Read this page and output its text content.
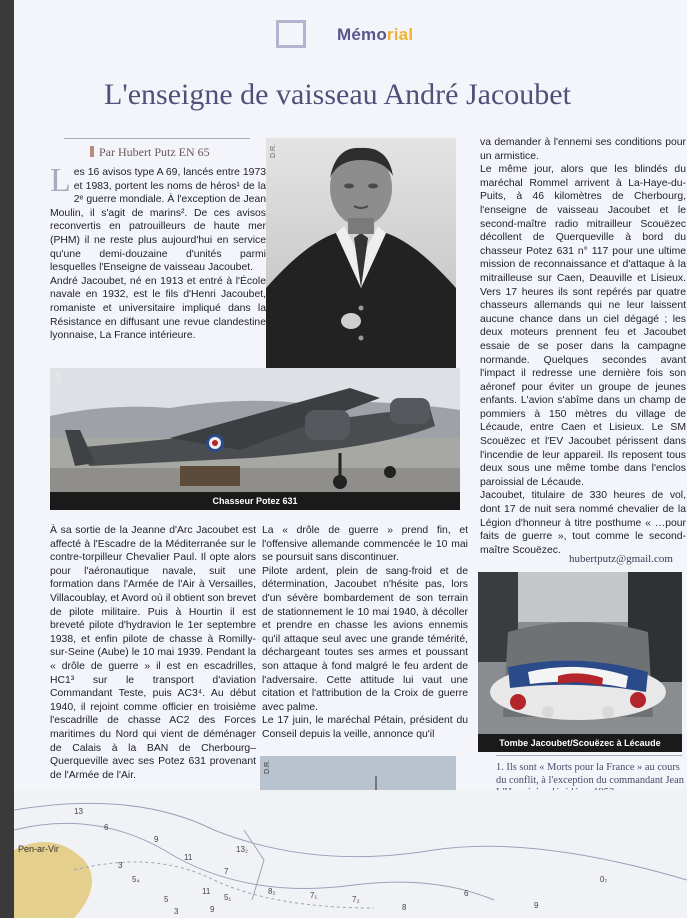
Mémorial
L'enseigne de vaisseau André Jacoubet
Par Hubert Putz EN 65

Les 16 avisos type A 69, lancés entre 1973 et 1983, portent les noms de héros¹ de la 2ᵉ guerre mondiale. À l'exception de Jean Moulin, il s'agit de marins². De ces avisos reconvertis en patrouilleurs de haute mer (PHM) il ne reste plus aujourd'hui en service qu'une demi-douzaine d'unités parmi lesquelles l'Enseigne de vaisseau Jacoubet.

André Jacoubet, né en 1913 et entré à l'École navale en 1932, est le fils d'Henri Jacoubet, romaniste et universitaire impliqué dans la Résistance en diffusant une revue clandestine lyonnaise, La France intérieure.

D.R.
D.R.
Chasseur Potez 631

À sa sortie de la Jeanne d'Arc Jacoubet est affecté à l'Escadre de la Méditerranée sur le contre-torpilleur Chevalier Paul. Il opte alors pour l'aéronautique navale, suit une formation dans l'Armée de l'Air à Versailles, Villacoublay, et Avord où il obtient son brevet de pilote militaire. Puis à Hourtin il est breveté pilote d'hydravion le 1er septembre 1938, et enfin pilote de chasse à Romilly-sur-Seine (Aube) le 10 mai 1939. Pendant la « drôle de guerre » il est en escadrilles, HC1³ sur le transport d'aviation Commandant Teste, puis AC3⁴. Au début 1940, il rejoint comme officier en troisième l'escadrille de chasse AC2 des Forces maritimes du Nord qui vient de déménager de Calais à la BAN de Cherbourg–Querqueville avec ses Potez 631 provenant de l'Armée de l'Air.

La « drôle de guerre » prend fin, et l'offensive allemande commencée le 10 mai se poursuit sans discontinuer.

Pilote ardent, plein de sang-froid et de détermination, Jacoubet n'hésite pas, lors d'un sévère bombardement de son terrain de stationnement le 10 mai 1940, à décoller et prendre en chasse les avions ennemis qu'il attaque seul avec une grande témérité, déchargeant toutes ses armes et poussant son attaque à fond malgré le feu ardent de l'adversaire. Cette attitude lui vaut une citation et l'attribution de la Croix de guerre avec palme.

Le 17 juin, le maréchal Pétain, président du Conseil depuis la veille, annonce qu'il

D.R.

va demander à l'ennemi ses conditions pour un armistice.

Le même jour, alors que les blindés du maréchal Rommel arrivent à La-Haye-du-Puits, à 46 kilomètres de Cherbourg, l'enseigne de vaisseau Jacoubet et le second-maître radio mitrailleur Scouëzec décollent de Querqueville à bord du chasseur Potez 631 n° 117 pour une ultime mission de reconnaissance et d'attaque à la mitrailleuse sur Caen, Deauville et Lisieux. Vers 17 heures ils sont repérés par quatre chasseurs allemands qui ne leur laissent aucune chance dans un ciel dégagé ; les deux moteurs prennent feu et Jacoubet essaie de se poser dans la campagne normande. Quelques secondes avant l'impact il redresse une dernière fois son aéronef pour éviter un groupe de jeunes enfants. L'avion s'abîme dans un champ de pommiers à 150 mètres du village de Lécaude, entre Caen et Lisieux. Le SM Scouëzec et l'EV Jacoubet périssent dans l'incendie de leur appareil. Ils reposent tous deux sous une même tombe dans l'enclos paroissial de Lécaude.

Jacoubet, titulaire de 330 heures de vol, dont 17 de nuit sera nommé chevalier de la Légion d'honneur à titre posthume « …pour faits de guerre », tout comme le second-maître Scouëzec.

hubertputz@gmail.com
Tombe Jacoubet/Scouëzec à Lécaude
1. Ils sont « Morts pour la France » au cours du conflit, à l'exception du commandant Jean
Pen-ar-Vir
6
9
13
11
13₂
7
3
5₄
5
11
3	9
5₁
8₂	7₁	7₂
8
6
9
0₇
